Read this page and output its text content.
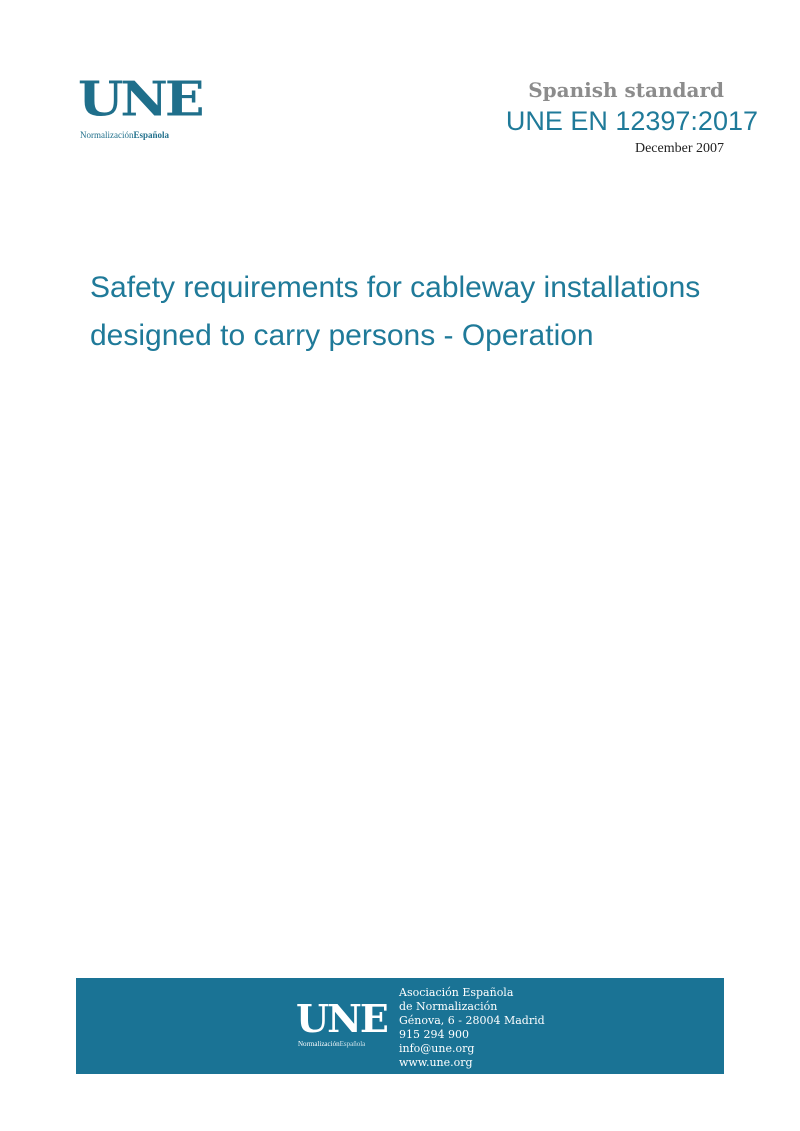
UNE
NormalizaciónEspañola
Spanish standard
UNE EN 12397:2017
December 2007
Safety requirements for cableway installations
designed to carry persons - Operation
UNE
NormalizaciónEspañola
Asociación Española
de Normalización
Génova, 6 - 28004 Madrid
915 294 900
info@une.org
www.une.org
